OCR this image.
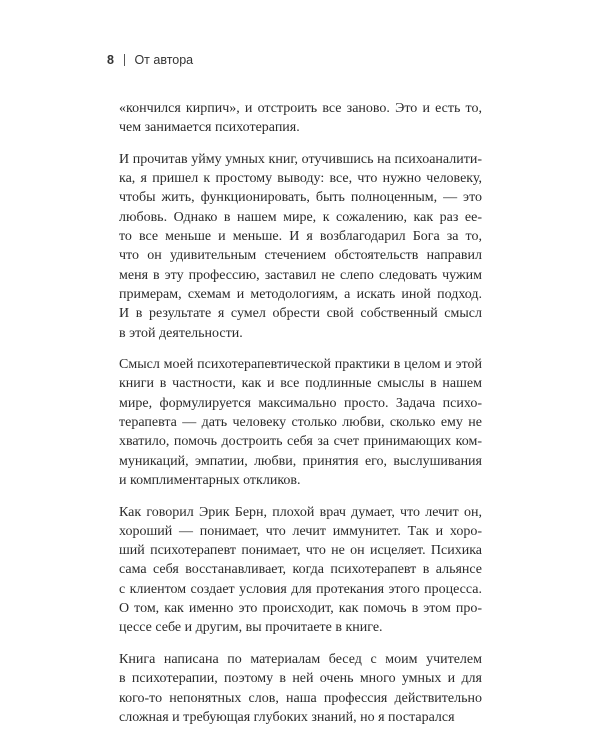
8 От автора

«кончился кирпич», и отстроить все заново. Это и есть то,
чем занимается психотерапия.

И прочитав уйму умных книг, отучившись на психоаналити-
ка, я пришел к простому выводу: все, что нужно человеку,
чтобы жить, функционировать, быть полноценным, — это
любовь. Однако в нашем мире, к сожалению, как раз ее-
то все меньше и меньше. И я возблагодарил Бога за то,
что он удивительным стечением обстоятельств направил
меня в эту профессию, заставил не слепо следовать чужим
примерам, схемам и методологиям, а искать иной подход.
И в результате я сумел обрести свой собственный смысл
в этой деятельности.

Смысл моей психотерапевтической практики в целом и этой
книги в частности, как и все подлинные смыслы в нашем
мире, формулируется максимально просто. Задача психо-
терапевта — дать человеку столько любви, сколько ему не
хватило, помочь достроить себя за счет принимающих ком-
муникаций, эмпатии, любви, принятия его, выслушивания
и комплиментарных откликов.

Как говорил Эрик Берн, плохой врач думает, что лечит он,
хороший — понимает, что лечит иммунитет. Так и хоро-
ший психотерапевт понимает, что не он исцеляет. Психика
сама себя восстанавливает, когда психотерапевт в альянсе
с клиентом создает условия для протекания этого процесса.
О том, как именно это происходит, как помочь в этом про-
цессе себе и другим, вы прочитаете в книге.

Книга написана по материалам бесед с моим учителем
в психотерапии, поэтому в ней очень много умных и для
кого-то непонятных слов, наша профессия действительно
сложная и требующая глубоких знаний, но я постарался
